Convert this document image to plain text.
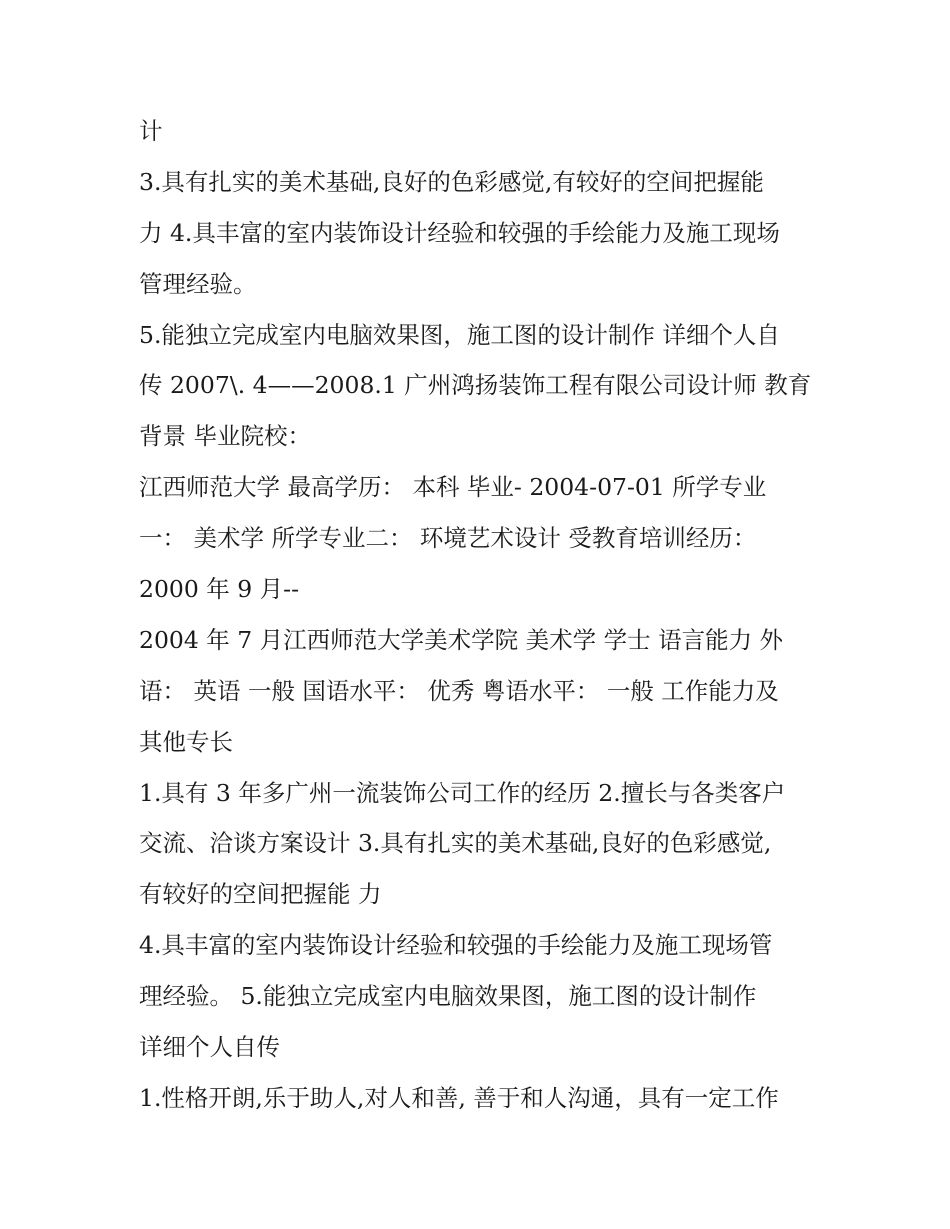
计
3.具有扎实的美术基础,良好的色彩感觉,有较好的空间把握能
力 4.具丰富的室内装饰设计经验和较强的手绘能力及施工现场
管理经验。
5.能独立完成室内电脑效果图，施工图的设计制作 详细个人自
传 2007\. 4——2008.1 广州鸿扬装饰工程有限公司设计师 教育
背景 毕业院校：
江西师范大学 最高学历： 本科 毕业- 2004-07-01 所学专业
一： 美术学 所学专业二： 环境艺术设计 受教育培训经历：
2000 年 9 月--
2004 年 7 月江西师范大学美术学院 美术学 学士 语言能力 外
语： 英语 一般 国语水平： 优秀 粤语水平： 一般 工作能力及
其他专长
1.具有 3 年多广州一流装饰公司工作的经历 2.擅长与各类客户
交流、洽谈方案设计 3.具有扎实的美术基础,良好的色彩感觉,
有较好的空间把握能 力
4.具丰富的室内装饰设计经验和较强的手绘能力及施工现场管
理经验。 5.能独立完成室内电脑效果图，施工图的设计制作
详细个人自传
1.性格开朗,乐于助人,对人和善, 善于和人沟通，具有一定工作
